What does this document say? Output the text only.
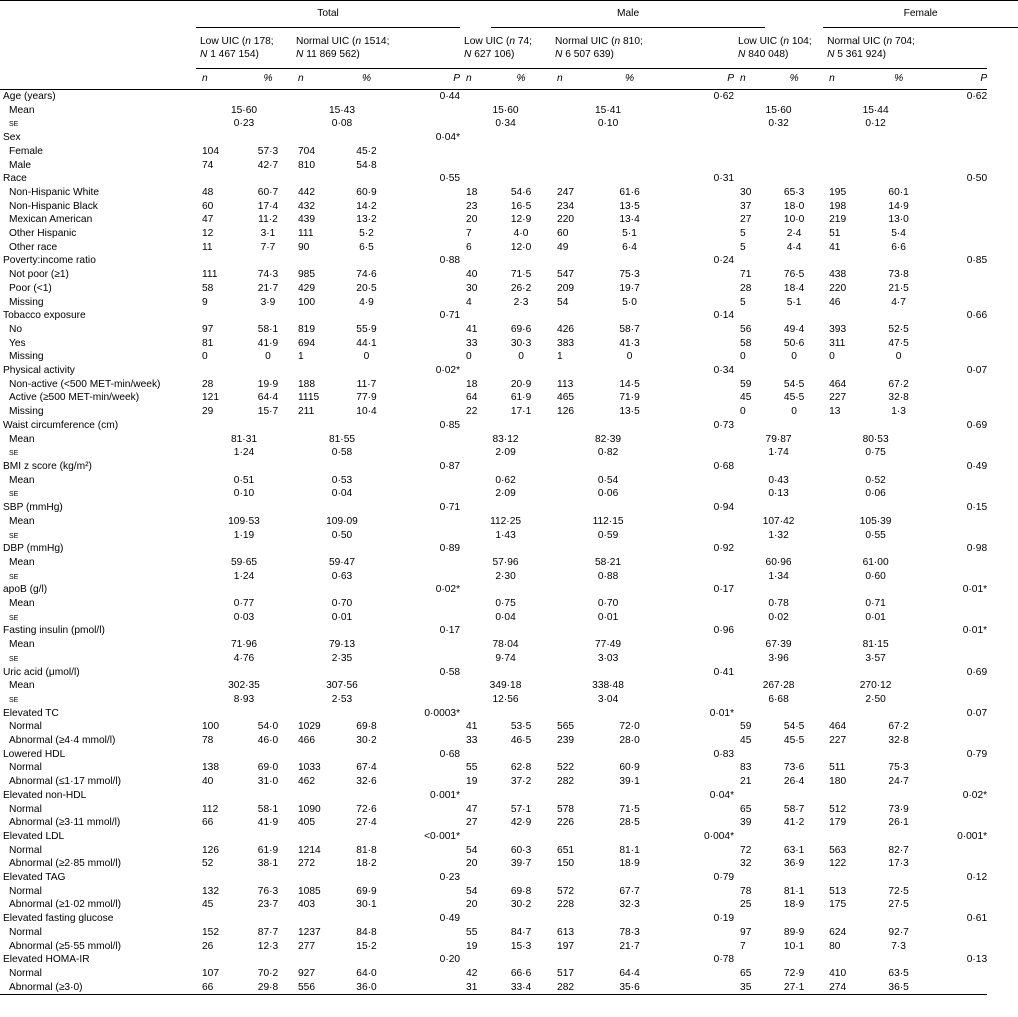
	Total						Male						Female		
	Low UIC (n 178;
N 1 467 154)		Normal UIC (n 1514;
N 11 869 562)			Low UIC (n 74;
N 627 106)		Normal UIC (n 810;
N 6 507 639)			Low UIC (n 104;
N 840 048)		Normal UIC (n 704;
N 5 361 924)		
	n	%	n	%	P	n	%	n	%	P	n	%	n	%	P
Age (years)					0·44					0·62					0·62
Mean	15·60		15·43			15·60		15·41			15·60		15·44		
se	0·23		0·08			0·34		0·10			0·32		0·12		
Sex					0·04*										
Female	104	57·3	704	45·2											
Male	74	42·7	810	54·8											
Race					0·55					0·31					0·50
Non-Hispanic White	48	60·7	442	60·9		18	54·6	247	61·6		30	65·3	195	60·1	
Non-Hispanic Black	60	17·4	432	14·2		23	16·5	234	13·5		37	18·0	198	14·9	
Mexican American	47	11·2	439	13·2		20	12·9	220	13·4		27	10·0	219	13·0	
Other Hispanic	12	3·1	111	5·2		7	4·0	60	5·1		5	2·4	51	5·4	
Other race	11	7·7	90	6·5		6	12·0	49	6·4		5	4·4	41	6·6	
Poverty:income ratio					0·88					0·24					0·85
Not poor (≥1)	111	74·3	985	74·6		40	71·5	547	75·3		71	76·5	438	73·8	
Poor (<1)	58	21·7	429	20·5		30	26·2	209	19·7		28	18·4	220	21·5	
Missing	9	3·9	100	4·9		4	2·3	54	5·0		5	5·1	46	4·7	
Tobacco exposure					0·71					0·14					0·66
No	97	58·1	819	55·9		41	69·6	426	58·7		56	49·4	393	52·5	
Yes	81	41·9	694	44·1		33	30·3	383	41·3		58	50·6	311	47·5	
Missing	0	0	1	0		0	0	1	0		0	0	0	0	
Physical activity					0·02*					0·34					0·07
Non-active (<500 MET-min/week)	28	19·9	188	11·7		18	20·9	113	14·5		59	54·5	464	67·2	
Active (≥500 MET-min/week)	121	64·4	1115	77·9		64	61·9	465	71·9		45	45·5	227	32·8	
Missing	29	15·7	211	10·4		22	17·1	126	13·5		0	0	13	1·3	
Waist circumference (cm)					0·85					0·73					0·69
Mean	81·31		81·55			83·12		82·39			79·87		80·53		
se	1·24		0·58			2·09		0·82			1·74		0·75		
BMI z score (kg/m²)					0·87					0·68					0·49
Mean	0·51		0·53			0·62		0·54			0·43		0·52		
se	0·10		0·04			2·09		0·06			0·13		0·06		
SBP (mmHg)					0·71					0·94					0·15
Mean	109·53		109·09			112·25		112·15			107·42		105·39		
se	1·19		0·50			1·43		0·59			1·32		0·55		
DBP (mmHg)					0·89					0·92					0·98
Mean	59·65		59·47			57·96		58·21			60·96		61·00		
se	1·24		0·63			2·30		0·88			1·34		0·60		
apoB (g/l)					0·02*					0·17					0·01*
Mean	0·77		0·70			0·75		0·70			0·78		0·71		
se	0·03		0·01			0·04		0·01			0·02		0·01		
Fasting insulin (pmol/l)					0·17					0·96					0·01*
Mean	71·96		79·13			78·04		77·49			67·39		81·15		
se	4·76		2·35			9·74		3·03			3·96		3·57		
Uric acid (μmol/l)					0·58					0·41					0·69
Mean	302·35		307·56			349·18		338·48			267·28		270·12		
se	8·93		2·53			12·56		3·04			6·68		2·50		
Elevated TC					0·0003*					0·01*					0·07
Normal	100	54·0	1029	69·8		41	53·5	565	72·0		59	54·5	464	67·2	
Abnormal (≥4·4 mmol/l)	78	46·0	466	30·2		33	46·5	239	28·0		45	45·5	227	32·8	
Lowered HDL					0·68					0·83					0·79
Normal	138	69·0	1033	67·4		55	62·8	522	60·9		83	73·6	511	75·3	
Abnormal (≤1·17 mmol/l)	40	31·0	462	32·6		19	37·2	282	39·1		21	26·4	180	24·7	
Elevated non-HDL					0·001*					0·04*					0·02*
Normal	112	58·1	1090	72·6		47	57·1	578	71·5		65	58·7	512	73·9	
Abnormal (≥3·11 mmol/l)	66	41·9	405	27·4		27	42·9	226	28·5		39	41·2	179	26·1	
Elevated LDL					<0·001*					0·004*					0·001*
Normal	126	61·9	1214	81·8		54	60·3	651	81·1		72	63·1	563	82·7	
Abnormal (≥2·85 mmol/l)	52	38·1	272	18·2		20	39·7	150	18·9		32	36·9	122	17·3	
Elevated TAG					0·23					0·79					0·12
Normal	132	76·3	1085	69·9		54	69·8	572	67·7		78	81·1	513	72·5	
Abnormal (≥1·02 mmol/l)	45	23·7	403	30·1		20	30·2	228	32·3		25	18·9	175	27·5	
Elevated fasting glucose					0·49					0·19					0·61
Normal	152	87·7	1237	84·8		55	84·7	613	78·3		97	89·9	624	92·7	
Abnormal (≥5·55 mmol/l)	26	12·3	277	15·2		19	15·3	197	21·7		7	10·1	80	7·3	
Elevated HOMA-IR					0·20					0·78					0·13
Normal	107	70·2	927	64·0		42	66·6	517	64·4		65	72·9	410	63·5	
Abnormal (≥3·0)	66	29·8	556	36·0		31	33·4	282	35·6		35	27·1	274	36·5	
